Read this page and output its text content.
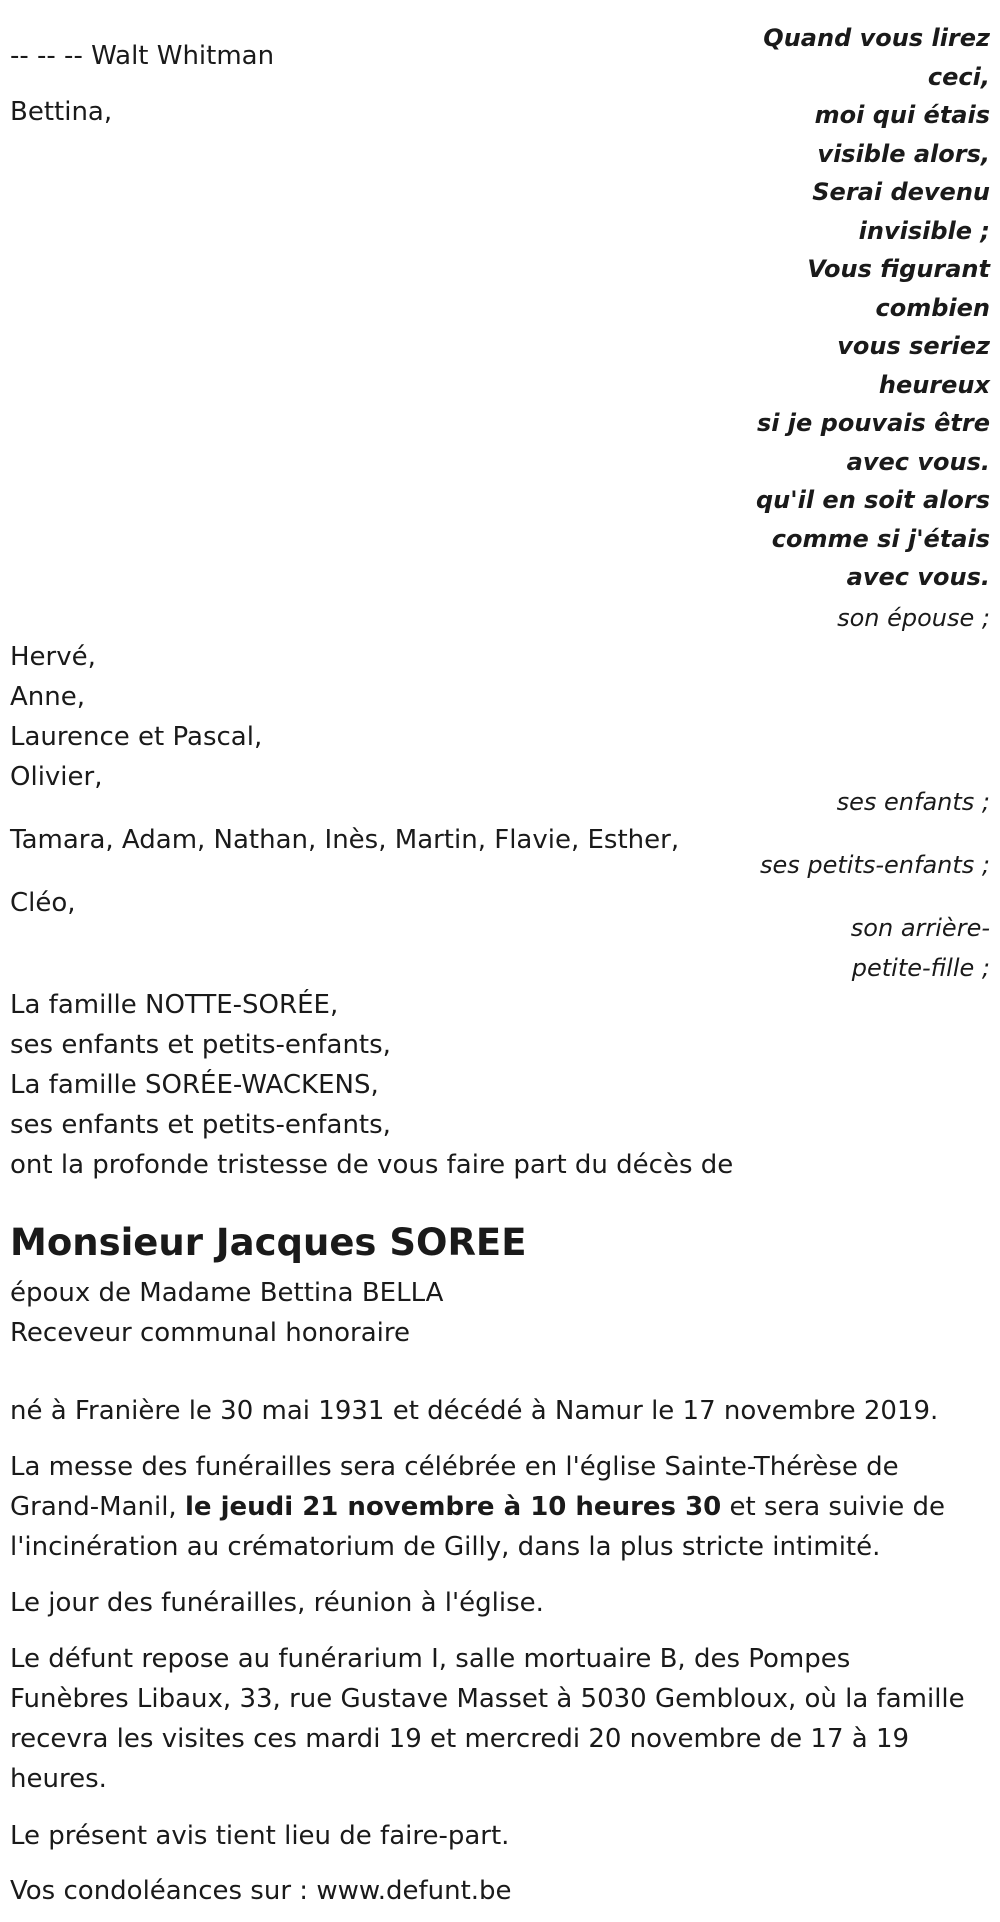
-- -- -- Walt Whitman
Bettina,
Quand vous lirez
ceci,
moi qui étais
visible alors,
Serai devenu
invisible ;
Vous figurant
combien
vous seriez
heureux
si je pouvais être
avec vous.
qu'il en soit alors
comme si j'étais
avec vous.
son épouse ;
Hervé,
Anne,
Laurence et Pascal,
Olivier,
ses enfants ;
Tamara, Adam, Nathan, Inès, Martin, Flavie, Esther,
ses petits-enfants ;
Cléo,
son arrière-
petite-fille ;
La famille NOTTE-SORÉE,
ses enfants et petits-enfants,
La famille SORÉE-WACKENS,
ses enfants et petits-enfants,
ont la profonde tristesse de vous faire part du décès de
Monsieur Jacques SOREE
époux de Madame Bettina BELLA
Receveur communal honoraire
né à Franière le 30 mai 1931 et décédé à Namur le 17 novembre 2019.
La messe des funérailles sera célébrée en l'église Sainte-Thérèse de Grand-Manil, le jeudi 21 novembre à 10 heures 30 et sera suivie de l'incinération au crématorium de Gilly, dans la plus stricte intimité.
Le jour des funérailles, réunion à l'église.
Le défunt repose au funérarium I, salle mortuaire B, des Pompes Funèbres Libaux, 33, rue Gustave Masset à 5030 Gembloux, où la famille recevra les visites ces mardi 19 et mercredi 20 novembre de 17 à 19 heures.
Le présent avis tient lieu de faire-part.
Vos condoléances sur : www.defunt.be
